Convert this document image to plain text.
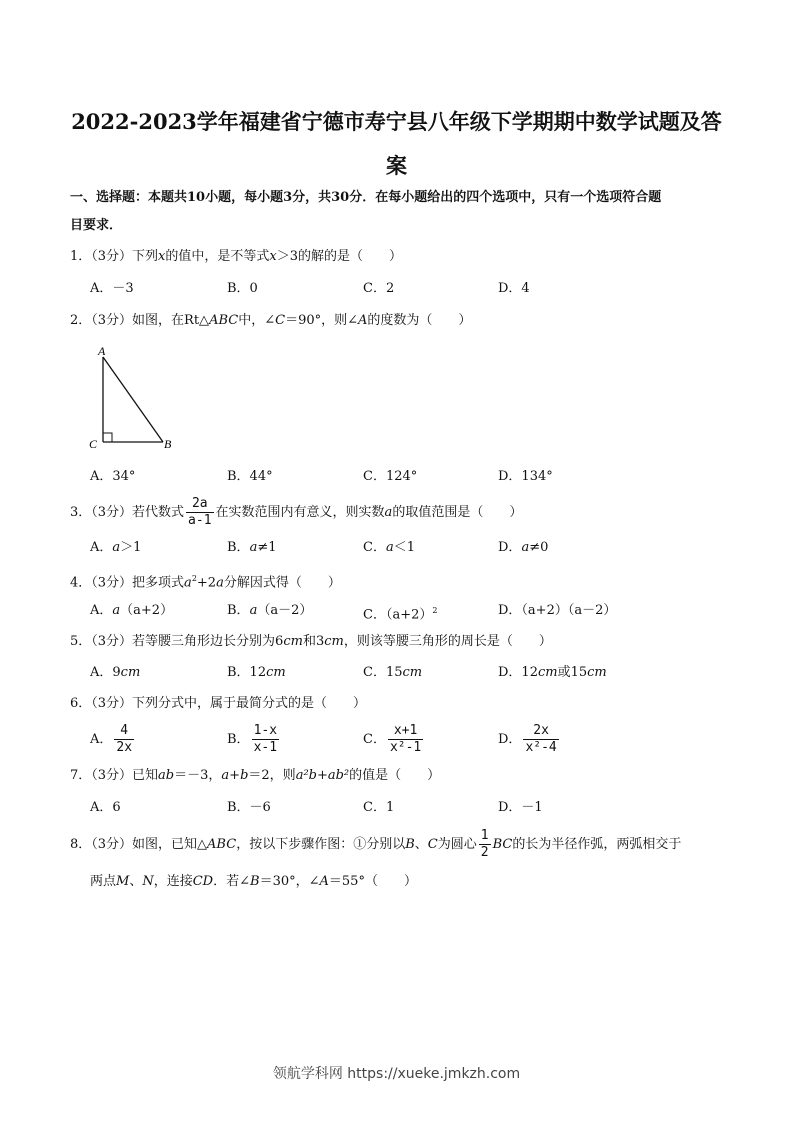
2022-2023学年福建省宁德市寿宁县八年级下学期期中数学试题及答
案
一、选择题：本题共10小题，每小题3分，共30分．在每小题给出的四个选项中，只有一个选项符合题
目要求．
1．（3分）下列x的值中，是不等式x＞3的解的是（　　）
A．－3	B．0	C．2	D．4
2．（3分）如图，在Rt△ABC中，∠C＝90°，则∠A的度数为（　　）
A
C	B
A．34°	B．44°	C．124°	D．134°
3．（3分）若代数式 $\frac{2a}{a-1}$ 在实数范围内有意义，则实数a的取值范围是（　　）
A．a＞1	B．a≠1	C．a＜1	D．a≠0
4．（3分）把多项式$a^2+2a$分解因式得（　　）
A．a（a+2）	B．a（a－2）	C．$(a+2)^2$	D．（a+2）（a－2）
5．（3分）若等腰三角形边长分别为6cm和3cm，则该等腰三角形的周长是（　　）
A．9cm	B．12cm	C．15cm	D．12cm或15cm
6．（3分）下列分式中，属于最简分式的是（　　）
A． $\frac{4}{2x}$	B． $\frac{1-x}{x-1}$	C． $\frac{x+1}{\text{x²-1}}$	D． $\frac{2x}{\text{x²-4}}$
7．（3分）已知ab＝－3，a+b＝2，则a²b+ab²的值是（　　）
A．6	B．－6	C．1	D．－1
8．（3分）如图，已知△ABC，按以下步骤作图：①分别以B、C为圆心 $\frac{1}{2}$ BC的长为半径作弧，两弧相交于
两点M、N，连接CD．若∠B＝30°，∠A＝55°（　　）
领航学科网 https://xueke.jmkzh.com
